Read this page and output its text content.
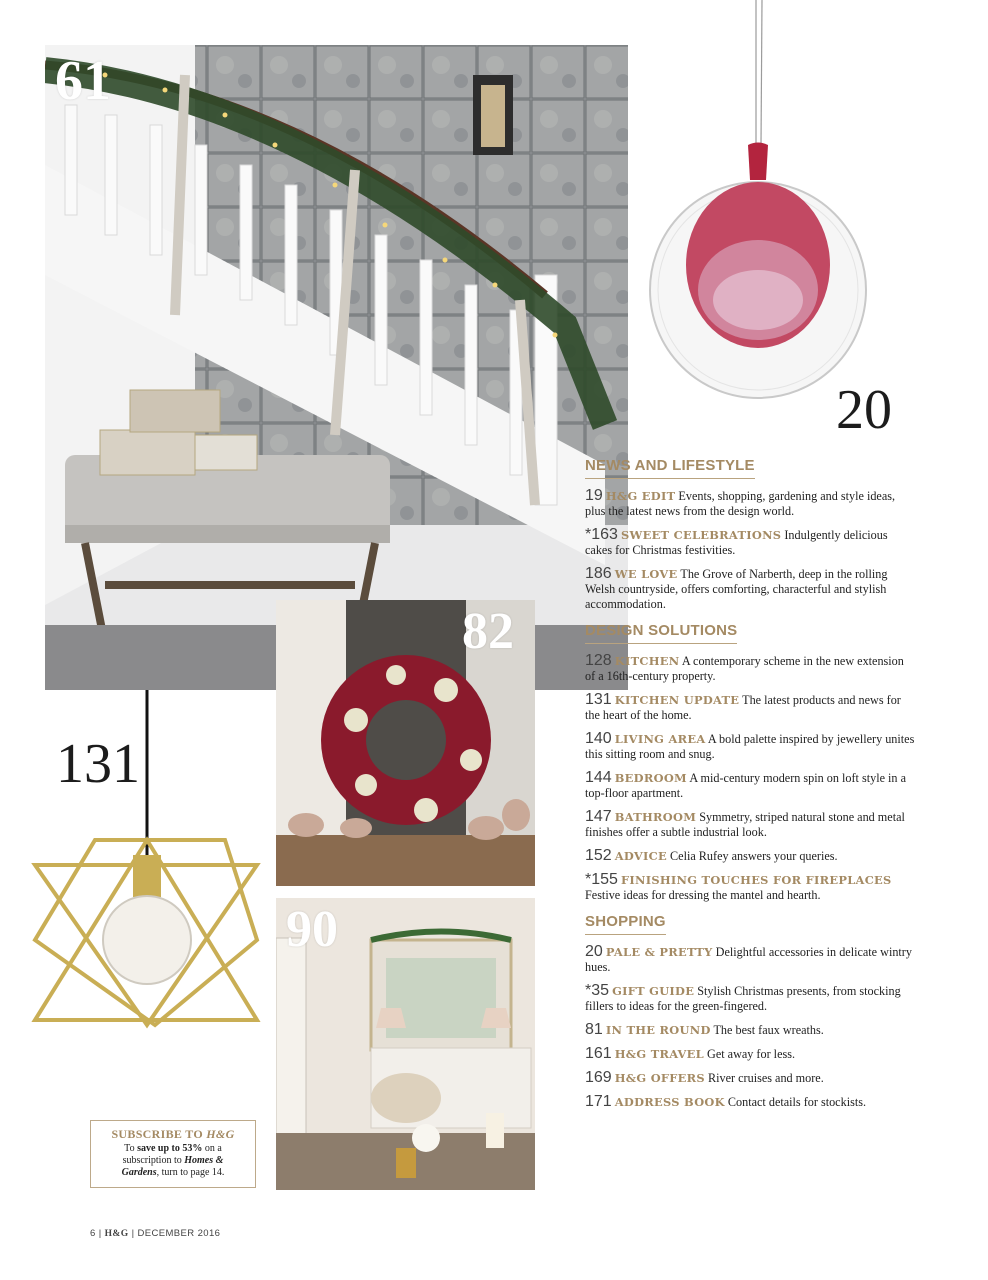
61
20
131
82
90
NEWS AND LIFESTYLE

19 H&G EDIT Events, shopping, gardening and style ideas, plus the latest news from the design world.

*163 SWEET CELEBRATIONS Indulgently delicious cakes for Christmas festivities.

186 WE LOVE The Grove of Narberth, deep in the rolling Welsh countryside, offers comforting, characterful and stylish accommodation.

DESIGN SOLUTIONS

128 KITCHEN A contemporary scheme in the new extension of a 16th-century property.

131 KITCHEN UPDATE The latest products and news for the heart of the home.

140 LIVING AREA A bold palette inspired by jewellery unites this sitting room and snug.

144 BEDROOM A mid-century modern spin on loft style in a top-floor apartment.

147 BATHROOM Symmetry, striped natural stone and metal finishes offer a subtle industrial look.

152 ADVICE Celia Rufey answers your queries.

*155 FINISHING TOUCHES FOR FIREPLACES Festive ideas for dressing the mantel and hearth.

SHOPPING

20 PALE & PRETTY Delightful accessories in delicate wintry hues.

*35 GIFT GUIDE Stylish Christmas presents, from stocking fillers to ideas for the green-fingered.

81 IN THE ROUND The best faux wreaths.

161 H&G TRAVEL Get away for less.

169 H&G OFFERS River cruises and more.

171 ADDRESS BOOK Contact details for stockists.

SUBSCRIBE TO H&G
To save up to 53% on a
subscription to Homes &
Gardens, turn to page 14.
6 | H&G | DECEMBER 2016
